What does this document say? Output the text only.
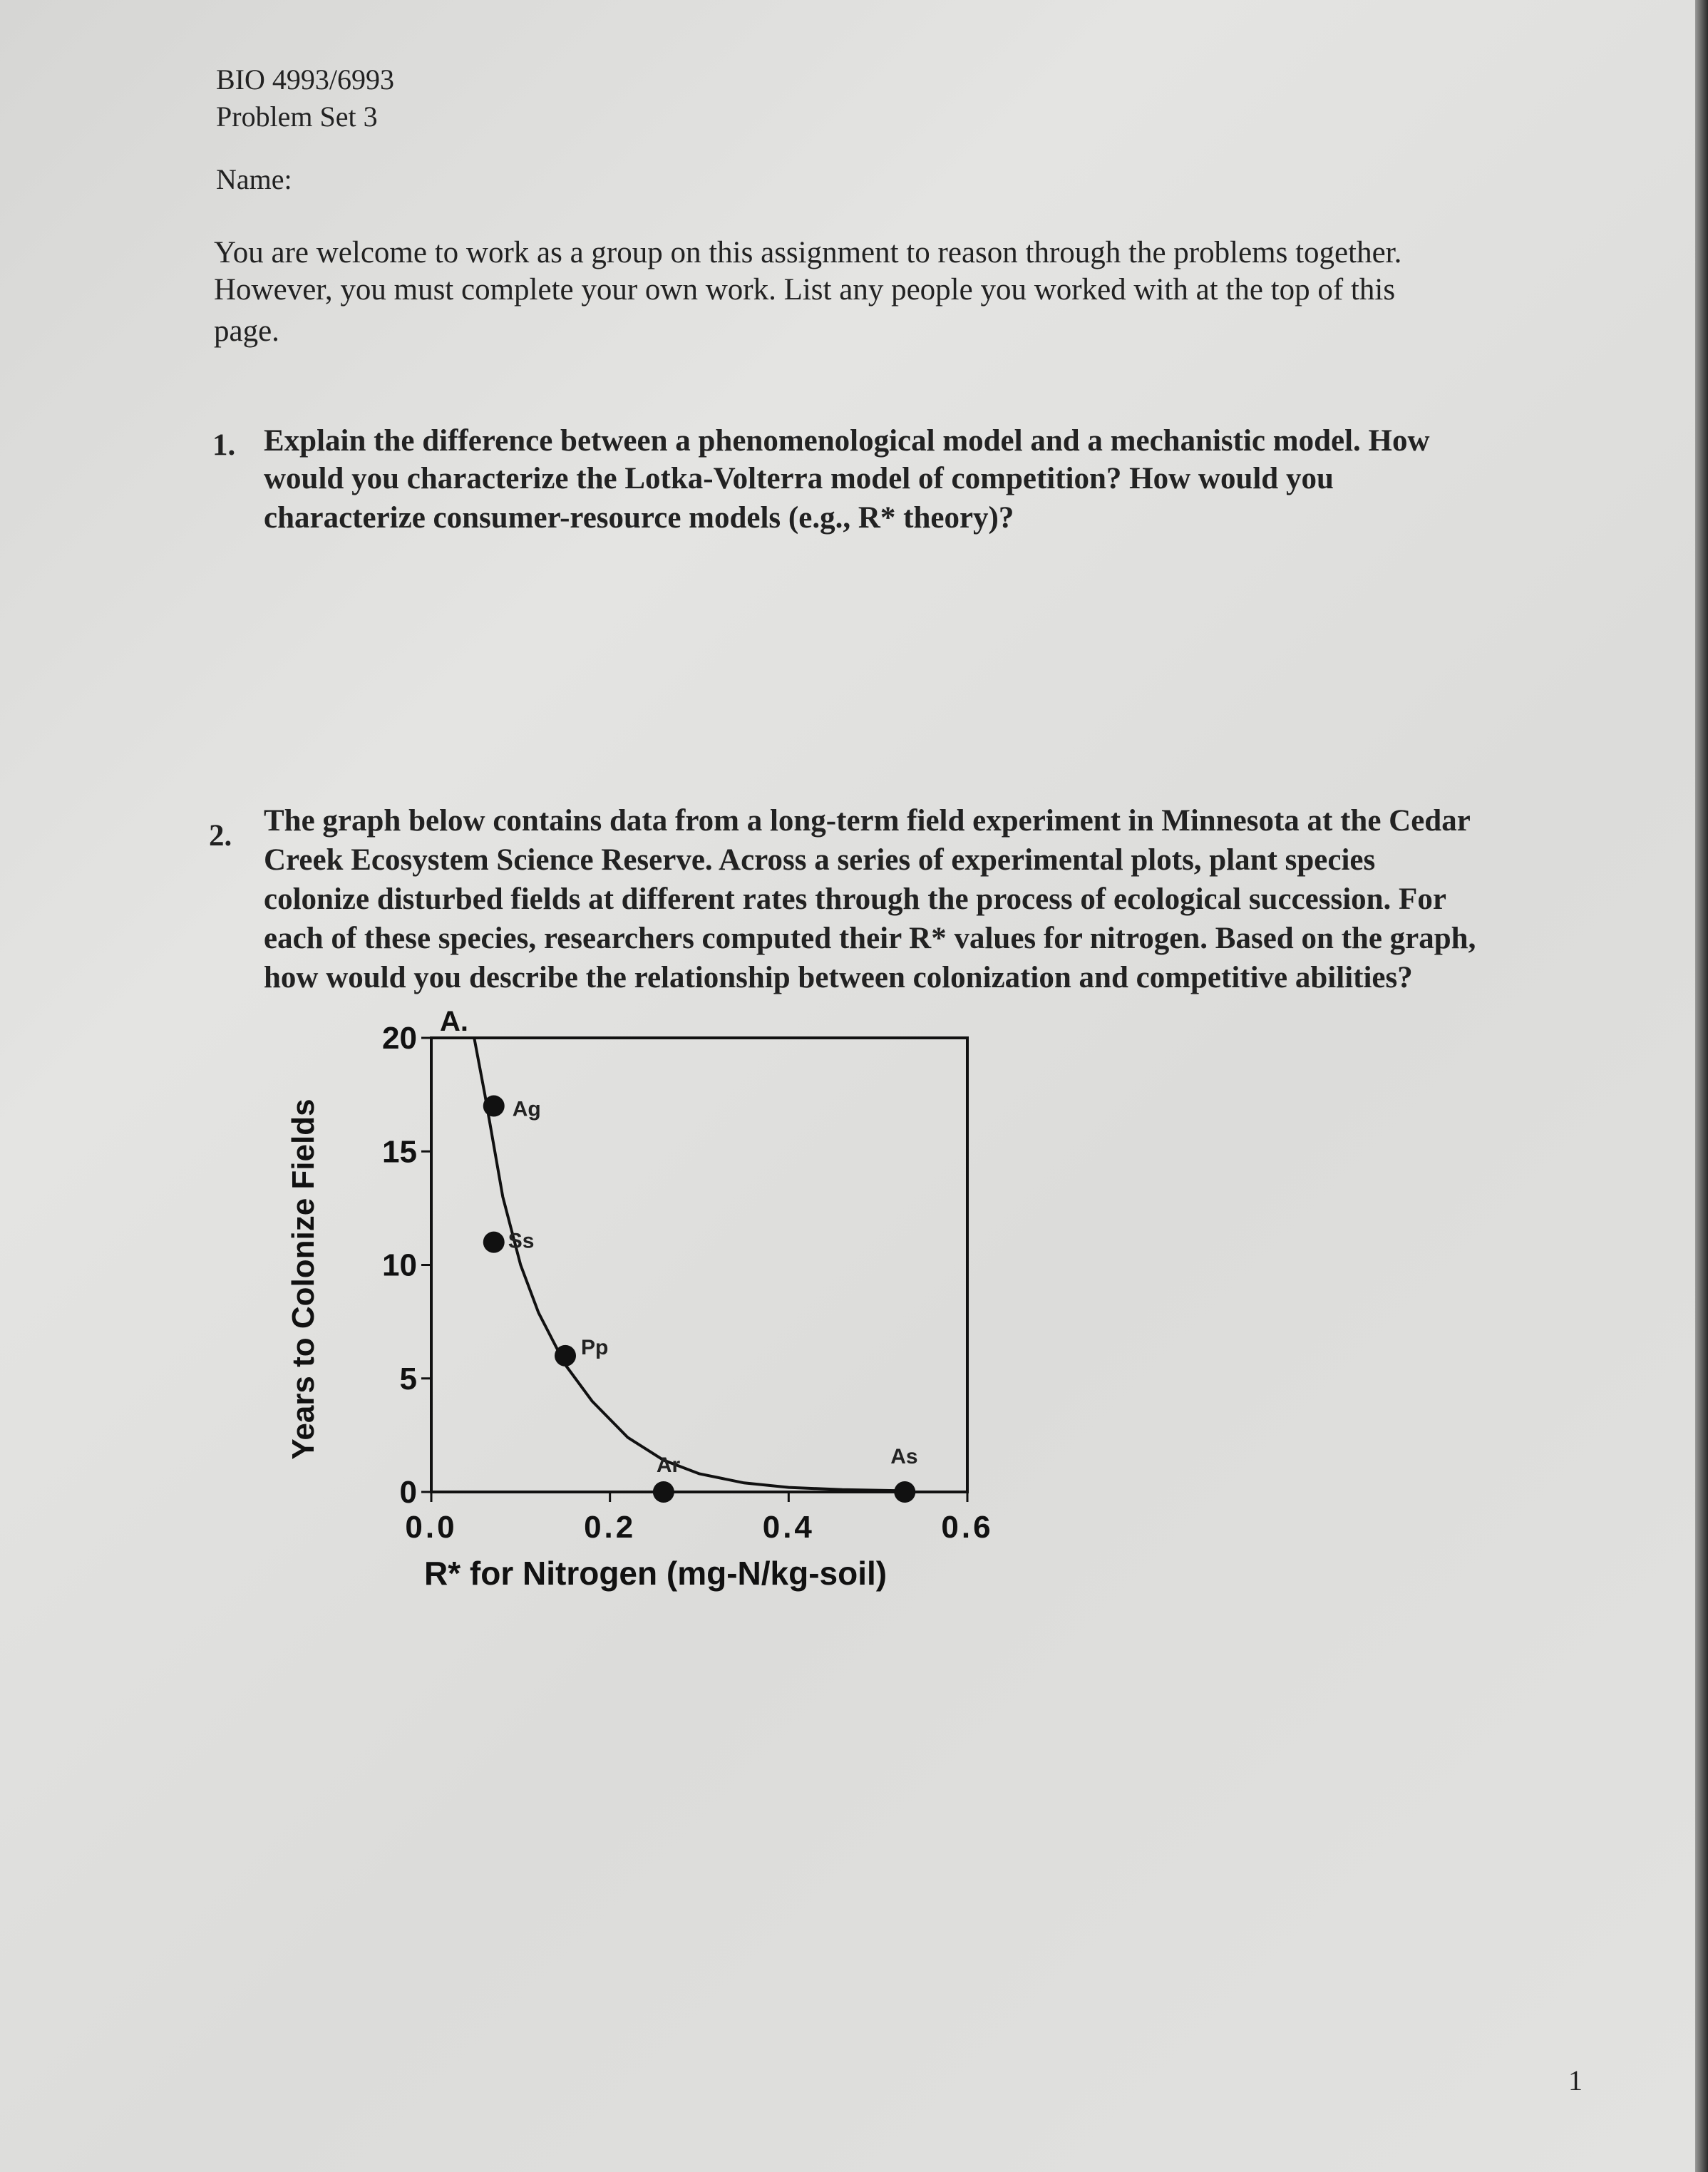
BIO 4993/6993
Problem Set 3
Name:
You are welcome to work as a group on this assignment to reason through the problems together.
However, you must complete your own work. List any people you worked with at the top of this
page.
1. Explain the difference between a phenomenological model and a mechanistic model. How
would you characterize the Lotka-Volterra model of competition? How would you
characterize consumer-resource models (e.g., R* theory)?
2. The graph below contains data from a long-term field experiment in Minnesota at the Cedar
Creek Ecosystem Science Reserve. Across a series of experimental plots, plant species
colonize disturbed fields at different rates through the process of ecological succession. For
each of these species, researchers computed their R* values for nitrogen. Based on the graph,
how would you describe the relationship between colonization and competitive abilities?
0
5
10
15
20
0.0	0.2	0.4	0.6
A.
Ag
Ss
Pp
Ar	As
R* for Nitrogen (mg-N/kg-soil)
Years to Colonize Fields
1
